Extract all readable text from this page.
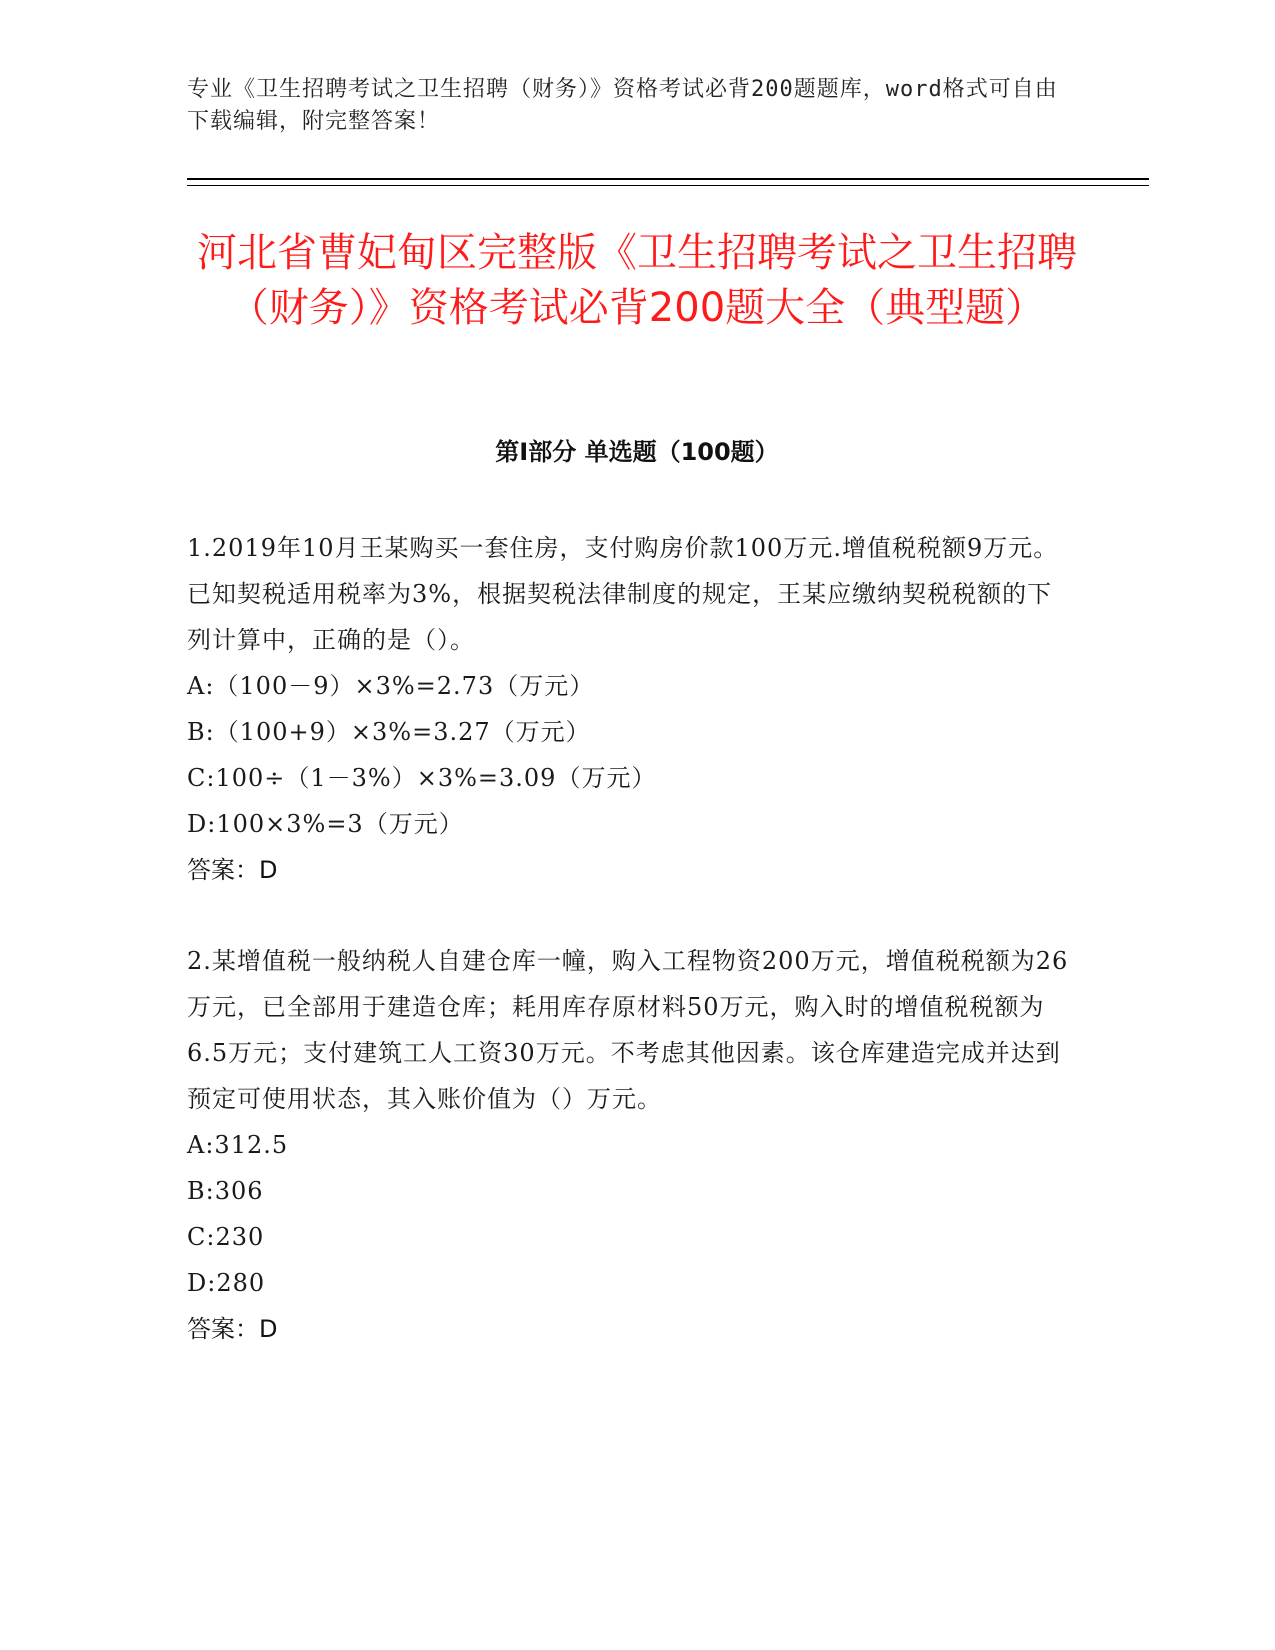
专业《卫生招聘考试之卫生招聘（财务）》资格考试必背200题题库，word格式可自由下载编辑，附完整答案！

河北省曹妃甸区完整版《卫生招聘考试之卫生招聘（财务）》资格考试必背200题大全（典型题）
第Ⅰ部分 单选题（100题）

1.2019年10月王某购买一套住房，支付购房价款100万元.增值税税额9万元。已知契税适用税率为3%，根据契税法律制度的规定，王某应缴纳契税税额的下列计算中，正确的是（）。

A:（100－9）×3%=2.73（万元）

B:（100+9）×3%=3.27（万元）

C:100÷（1－3%）×3%=3.09（万元）

D:100×3%=3（万元）

答案：D

2.某增值税一般纳税人自建仓库一幢，购入工程物资200万元，增值税税额为26万元，已全部用于建造仓库；耗用库存原材料50万元，购入时的增值税税额为6.5万元；支付建筑工人工资30万元。不考虑其他因素。该仓库建造完成并达到预定可使用状态，其入账价值为（）万元。

A:312.5

B:306

C:230

D:280

答案：D
